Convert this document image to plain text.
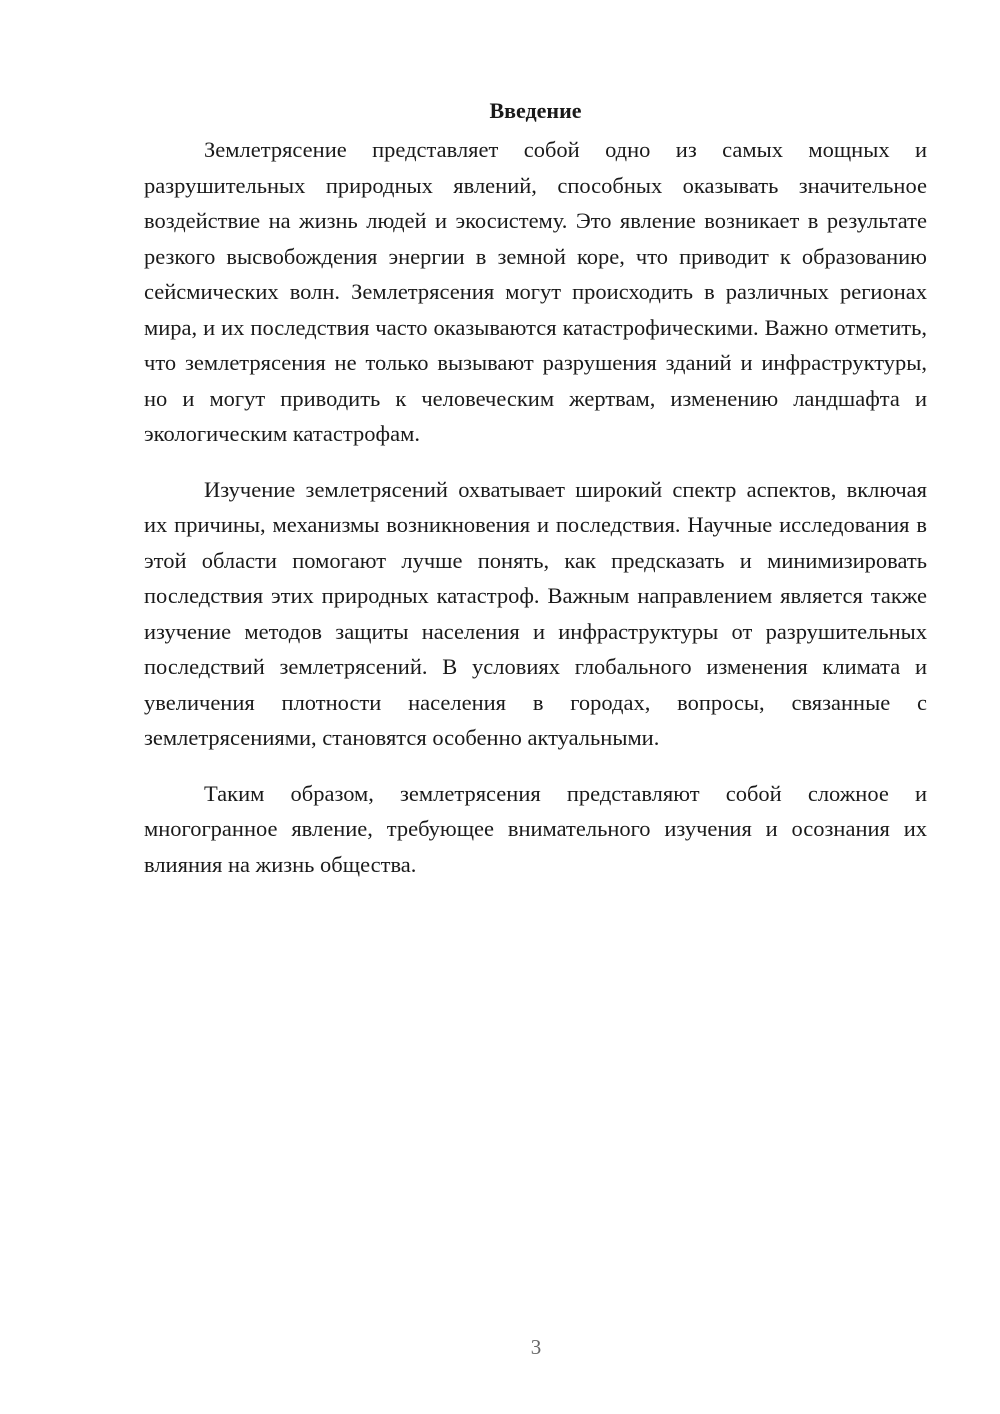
Введение

Землетрясение представляет собой одно из самых мощных и разрушительных природных явлений, способных оказывать значительное воздействие на жизнь людей и экосистему. Это явление возникает в результате резкого высвобождения энергии в земной коре, что приводит к образованию сейсмических волн. Землетрясения могут происходить в различных регионах мира, и их последствия часто оказываются катастрофическими. Важно отметить, что землетрясения не только вызывают разрушения зданий и инфраструктуры, но и могут приводить к человеческим жертвам, изменению ландшафта и экологическим катастрофам.

Изучение землетрясений охватывает широкий спектр аспектов, включая их причины, механизмы возникновения и последствия. Научные исследования в этой области помогают лучше понять, как предсказать и минимизировать последствия этих природных катастроф. Важным направлением является также изучение методов защиты населения и инфраструктуры от разрушительных последствий землетрясений. В условиях глобального изменения климата и увеличения плотности населения в городах, вопросы, связанные с землетрясениями, становятся особенно актуальными.

Таким образом, землетрясения представляют собой сложное и многогранное явление, требующее внимательного изучения и осознания их влияния на жизнь общества.

3
